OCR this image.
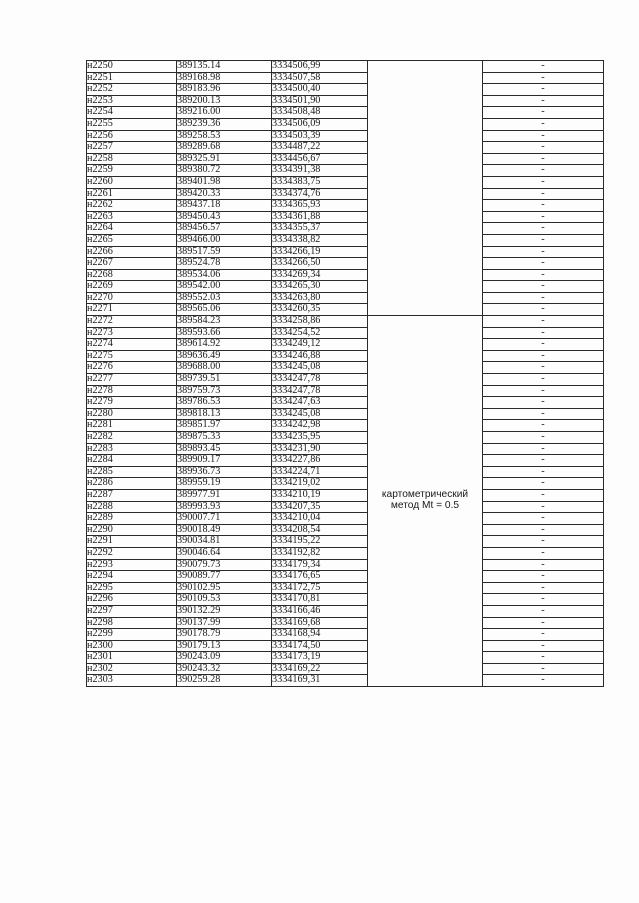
н2250	389135.14	3334506,99		-
н2251	389168.98	3334507,58		-
н2252	389183.96	3334500,40		-
н2253	389200.13	3334501,90		-
н2254	389216.00	3334508,48		-
н2255	389239.36	3334506,09		-
н2256	389258.53	3334503,39		-
н2257	389289.68	3334487,22		-
н2258	389325.91	3334456,67		-
н2259	389380.72	3334391,38		-
н2260	389401.98	3334383,75		-
н2261	389420.33	3334374,76		-
н2262	389437.18	3334365,93		-
н2263	389450.43	3334361,88		-
н2264	389456.57	3334355,37		-
н2265	389466.00	3334338,82		-
н2266	389517.59	3334266,19		-
н2267	389524.78	3334266,50		-
н2268	389534.06	3334269,34		-
н2269	389542.00	3334265,30		-
н2270	389552.03	3334263,80		-
н2271	389565.06	3334260,35		-
н2272	389584.23	3334258,86	картометрический
метод Mt = 0.5	-
н2273	389593.66	3334254,52		-
н2274	389614.92	3334249,12		-
н2275	389636.49	3334246,88		-
н2276	389688.00	3334245,08		-
н2277	389739.51	3334247,78		-
н2278	389759.73	3334247,78		-
н2279	389786.53	3334247,63		-
н2280	389818.13	3334245,08		-
н2281	389851.97	3334242,98		-
н2282	389875.33	3334235,95		-
н2283	389893.45	3334231,90		-
н2284	389909.17	3334227,86		-
н2285	389936.73	3334224,71		-
н2286	389959.19	3334219,02		-
н2287	389977.91	3334210,19		-
н2288	389993.93	3334207,35		-
н2289	390007.71	3334210,04		-
н2290	390018.49	3334208,54		-
н2291	390034.81	3334195,22		-
н2292	390046.64	3334192,82		-
н2293	390079.73	3334179,34		-
н2294	390089.77	3334176,65		-
н2295	390102.95	3334172,75		-
н2296	390109.53	3334170,81		-
н2297	390132.29	3334166,46		-
н2298	390137.99	3334169,68		-
н2299	390178.79	3334168,94		-
н2300	390179.13	3334174,50		-
н2301	390243.09	3334173,19		-
н2302	390243.32	3334169,22		-
н2303	390259.28	3334169,31		-
